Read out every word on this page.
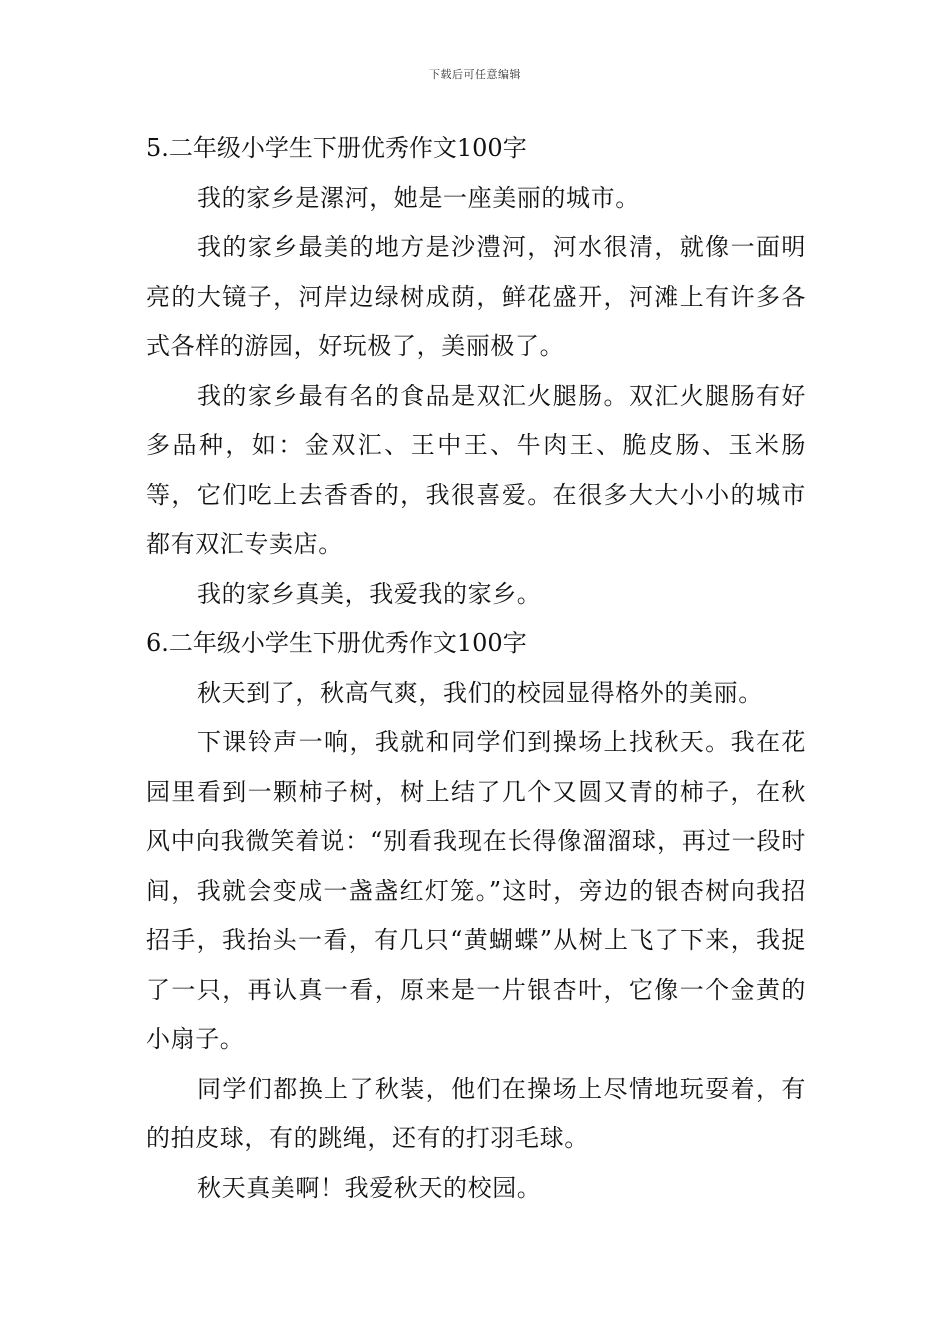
下载后可任意编辑

5.二年级小学生下册优秀作文100字

我的家乡是漯河，她是一座美丽的城市。

我的家乡最美的地方是沙澧河，河水很清，就像一面明亮的大镜子，河岸边绿树成荫，鲜花盛开，河滩上有许多各式各样的游园，好玩极了，美丽极了。

我的家乡最有名的食品是双汇火腿肠。双汇火腿肠有好多品种，如：金双汇、王中王、牛肉王、脆皮肠、玉米肠等，它们吃上去香香的，我很喜爱。在很多大大小小的城市都有双汇专卖店。

我的家乡真美，我爱我的家乡。

6.二年级小学生下册优秀作文100字

秋天到了，秋高气爽，我们的校园显得格外的美丽。

下课铃声一响，我就和同学们到操场上找秋天。我在花园里看到一颗柿子树，树上结了几个又圆又青的柿子，在秋风中向我微笑着说：“别看我现在长得像溜溜球，再过一段时间，我就会变成一盏盏红灯笼。”这时，旁边的银杏树向我招招手，我抬头一看，有几只“黄蝴蝶”从树上飞了下来，我捉了一只，再认真一看，原来是一片银杏叶，它像一个金黄的小扇子。

同学们都换上了秋装，他们在操场上尽情地玩耍着，有的拍皮球，有的跳绳，还有的打羽毛球。

秋天真美啊！我爱秋天的校园。
